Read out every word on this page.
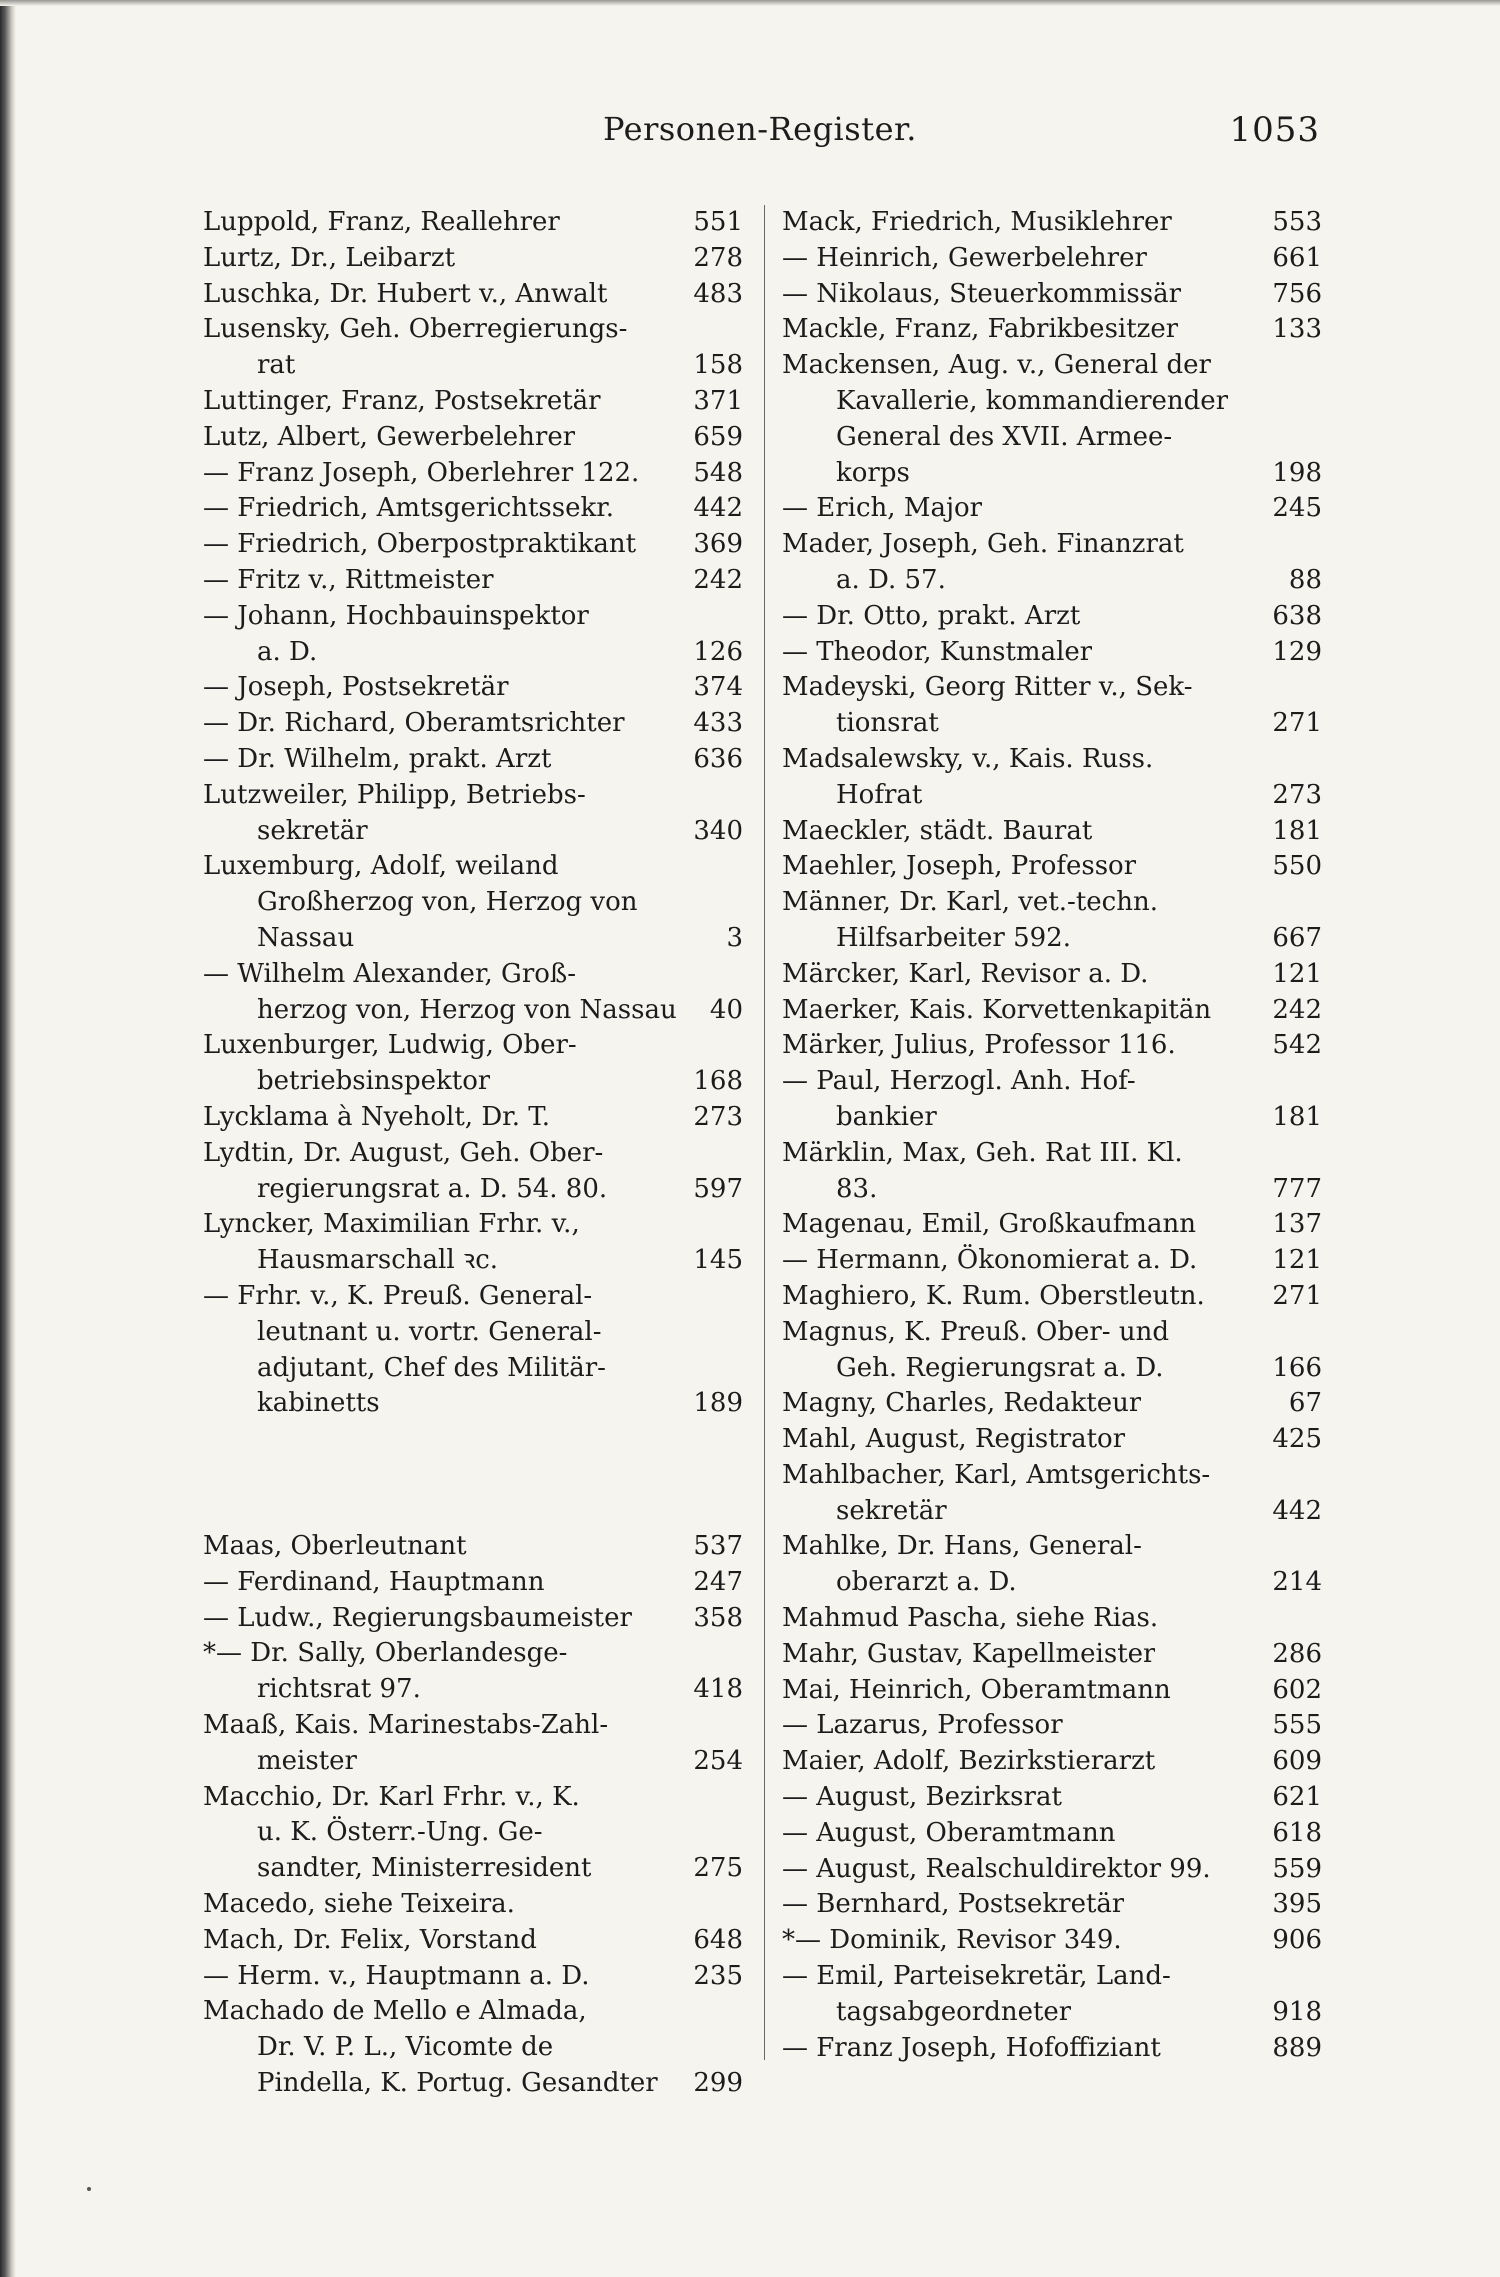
Personen-Register.	1053
Luppold, Franz, Reallehrer	551
Lurtz, Dr., Leibarzt	278
Luschka, Dr. Hubert v., Anwalt	483
Lusensky, Geh. Oberregierungs-
rat	158
Luttinger, Franz, Postsekretär	371
Lutz, Albert, Gewerbelehrer	659
— Franz Joseph, Oberlehrer 122. 548
— Friedrich, Amtsgerichtssekr.	442
— Friedrich, Oberpostpraktikant 369
— Fritz v., Rittmeister	242
— Johann, Hochbauinspektor
a. D.	126
— Joseph, Postsekretär	374
— Dr. Richard, Oberamtsrichter	433
— Dr. Wilhelm, prakt. Arzt	636
Lutzweiler, Philipp, Betriebs-
sekretär	340
Luxemburg, Adolf, weiland
Großherzog von, Herzog von
Nassau	3
— Wilhelm Alexander, Groß-
herzog von, Herzog von Nassau 40
Luxenburger, Ludwig, Ober-
betriebsinspektor	168
Lycklama à Nyeholt, Dr. T.	273
Lydtin, Dr. August, Geh. Ober-
regierungsrat a. D. 54. 80.	597
Lyncker, Maximilian Frhr. v.,
Hausmarschall ꝛc.	145
— Frhr. v., K. Preuß. General-
leutnant u. vortr. General-
adjutant, Chef des Militär-
kabinetts	189
Maas, Oberleutnant	537
— Ferdinand, Hauptmann	247
— Ludw., Regierungsbaumeister 358
*— Dr. Sally, Oberlandesge-
richtsrat 97.	418
Maaß, Kais. Marinestabs-Zahl-
meister	254
Macchio, Dr. Karl Frhr. v., K.
u. K. Österr.-Ung. Ge-
sandter, Ministerresident	275
Macedo, siehe Teixeira.
Mach, Dr. Felix, Vorstand	648
— Herm. v., Hauptmann a. D.	235
Machado de Mello e Almada,
Dr. V. P. L., Vicomte de
Pindella, K. Portug. Gesandter 299
Mack, Friedrich, Musiklehrer	553
— Heinrich, Gewerbelehrer	661
— Nikolaus, Steuerkommissär	756
Mackle, Franz, Fabrikbesitzer	133
Mackensen, Aug. v., General der
Kavallerie, kommandierender
General des XVII. Armee-
korps	198
— Erich, Major	245
Mader, Joseph, Geh. Finanzrat
a. D. 57.	88
— Dr. Otto, prakt. Arzt	638
— Theodor, Kunstmaler	129
Madeyski, Georg Ritter v., Sek-
tionsrat	271
Madsalewsky, v., Kais. Russ.
Hofrat	273
Maeckler, städt. Baurat	181
Maehler, Joseph, Professor	550
Männer, Dr. Karl, vet.-techn.
Hilfsarbeiter 592.	667
Märcker, Karl, Revisor a. D.	121
Maerker, Kais. Korvettenkapitän 242
Märker, Julius, Professor 116.	542
— Paul, Herzogl. Anh. Hof-
bankier	181
Märklin, Max, Geh. Rat III. Kl.
83.	777
Magenau, Emil, Großkaufmann	137
— Hermann, Ökonomierat a. D.	121
Maghiero, K. Rum. Oberstleutn.	271
Magnus, K. Preuß. Ober- und
Geh. Regierungsrat a. D.	166
Magny, Charles, Redakteur	67
Mahl, August, Registrator	425
Mahlbacher, Karl, Amtsgerichts-
sekretär	442
Mahlke, Dr. Hans, General-
oberarzt a. D.	214
Mahmud Pascha, siehe Rias.
Mahr, Gustav, Kapellmeister	286
Mai, Heinrich, Oberamtmann	602
— Lazarus, Professor	555
Maier, Adolf, Bezirkstierarzt	609
— August, Bezirksrat	621
— August, Oberamtmann	618
— August, Realschuldirektor 99. 559
— Bernhard, Postsekretär	395
*— Dominik, Revisor 349.	906
— Emil, Parteisekretär, Land-
tagsabgeordneter	918
— Franz Joseph, Hofoffiziant	889
